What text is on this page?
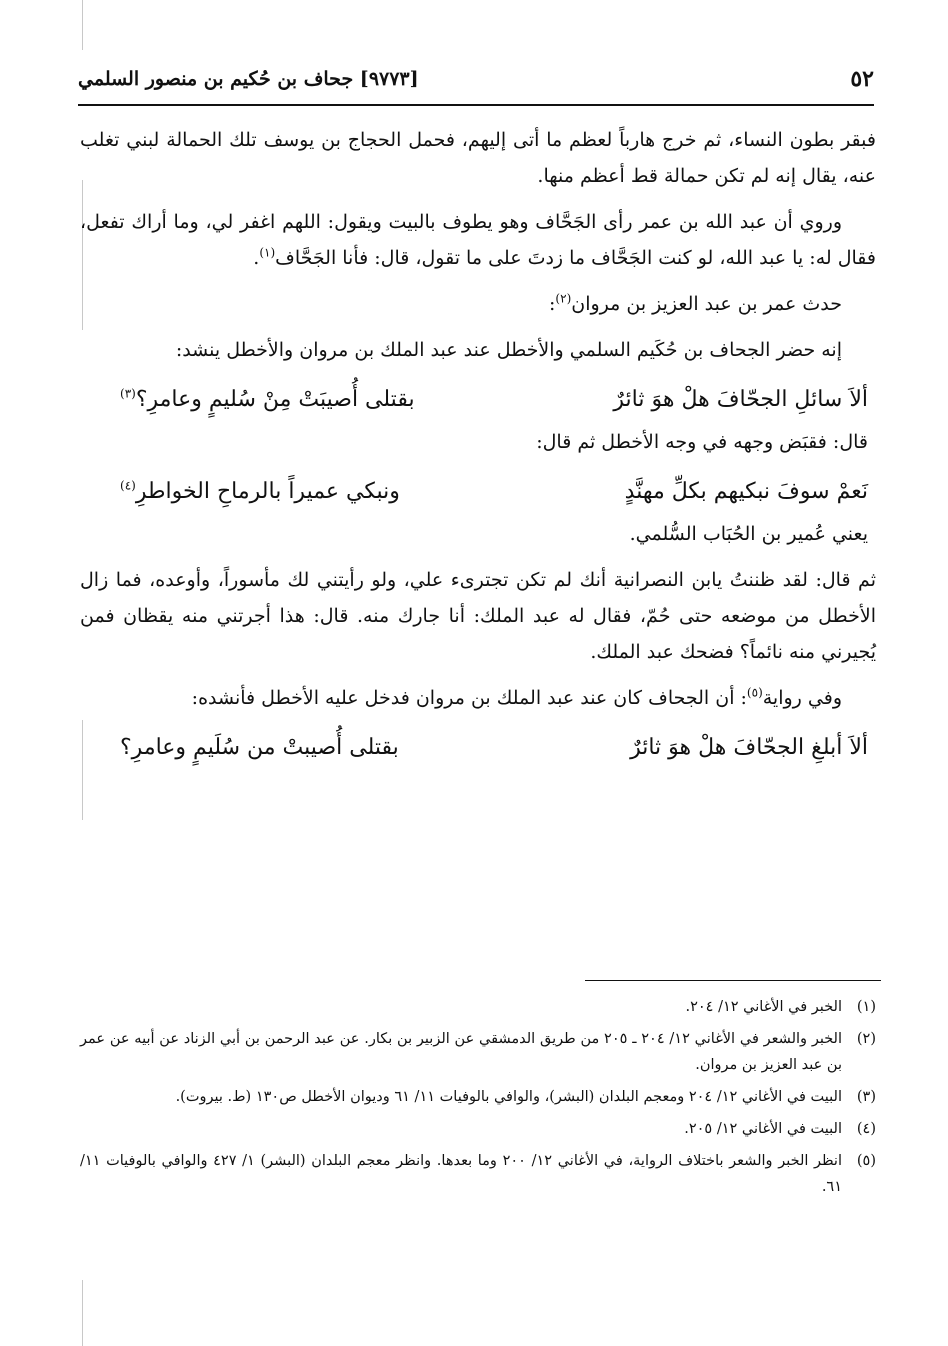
٥٢
[٩٧٧٣] جحاف بن حُكيم بن منصور السلمي

فبقر بطون النساء، ثم خرج هارباً لعظم ما أتى إليهم، فحمل الحجاج بن يوسف تلك الحمالة لبني تغلب عنه، يقال إنه لم تكن حمالة قط أعظم منها.

وروي أن عبد الله بن عمر رأى الجَحَّاف وهو يطوف بالبيت ويقول: اللهم اغفر لي، وما أراك تفعل، فقال له: يا عبد الله، لو كنت الجَحَّاف ما زدتَ على ما تقول، قال: فأنا الجَحَّاف$^{(١)}$.

حدث عمر بن عبد العزيز بن مروان$^{(٢)}$:

إنه حضر الجحاف بن حُكَيم السلمي والأخطل عند عبد الملك بن مروان والأخطل ينشد:

ألاَ سائلِ الجحّافَ هلْ هوَ ثائرٌ
بقتلى أُصيبَتْ مِنْ سُليمٍ وعامرِ؟$^{(٣)}$

قال: فقبَض وجهه في وجه الأخطل ثم قال:

نَعمْ سوفَ نبكيهم بكلِّ مهنَّدٍ
ونبكي عميراً بالرماحِ الخواطرِ$^{(٤)}$

يعني عُمير بن الحُبَاب السُّلمي.

ثم قال: لقد ظننتُ يابن النصرانية أنك لم تكن تجترىء علي، ولو رأيتني لك مأسوراً، وأوعده، فما زال الأخطل من موضعه حتى حُمّ، فقال له عبد الملك: أنا جارك منه. قال: هذا أجرتني منه يقظان فمن يُجيرني منه نائماً؟ فضحك عبد الملك.

وفي رواية$^{(٥)}$: أن الجحاف كان عند عبد الملك بن مروان فدخل عليه الأخطل فأنشده:

ألاَ أبلغِ الجحّافَ هلْ هوَ ثائرٌ
بقتلى أُصيبتْ من سُلَيمٍ وعامرِ؟
(١)
الخبر في الأغاني ١٢/ ٢٠٤.
(٢)
الخبر والشعر في الأغاني ١٢/ ٢٠٤ ـ ٢٠٥ من طريق الدمشقي عن الزبير بن بكار. عن عبد الرحمن بن أبي الزناد عن أبيه عن عمر بن عبد العزيز بن مروان.
(٣)
البيت في الأغاني ١٢/ ٢٠٤ ومعجم البلدان (البشر)، والوافي بالوفيات ١١/ ٦١ وديوان الأخطل ص١٣٠ (ط. بيروت).
(٤)
البيت في الأغاني ١٢/ ٢٠٥.
(٥)
انظر الخبر والشعر باختلاف الرواية، في الأغاني ١٢/ ٢٠٠ وما بعدها. وانظر معجم البلدان (البشر) ١/ ٤٢٧ والوافي بالوفيات ١١/ ٦١.
